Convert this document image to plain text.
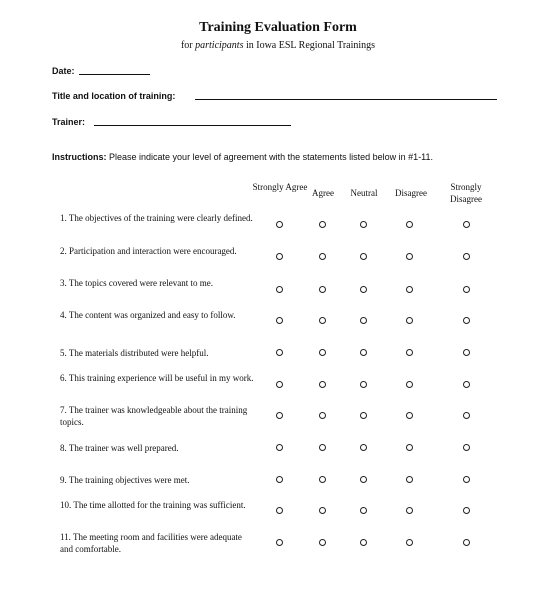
Training Evaluation Form
for participants in Iowa ESL Regional Trainings
Date:
Title and location of training:
Trainer:
Instructions: Please indicate your level of agreement with the statements listed below in #1-11.
Strongly Agree
Agree	Neutral	Disagree
Strongly Disagree
1. The objectives of the training were clearly defined.
2. Participation and interaction were encouraged.
3. The topics covered were relevant to me.
4. The content was organized and easy to follow.
5. The materials distributed were helpful.
6. This training experience will be useful in my work.
7. The trainer was knowledgeable about the training topics.
8. The trainer was well prepared.
9. The training objectives were met.
10. The time allotted for the training was sufficient.
11. The meeting room and facilities were adequate and comfortable.
